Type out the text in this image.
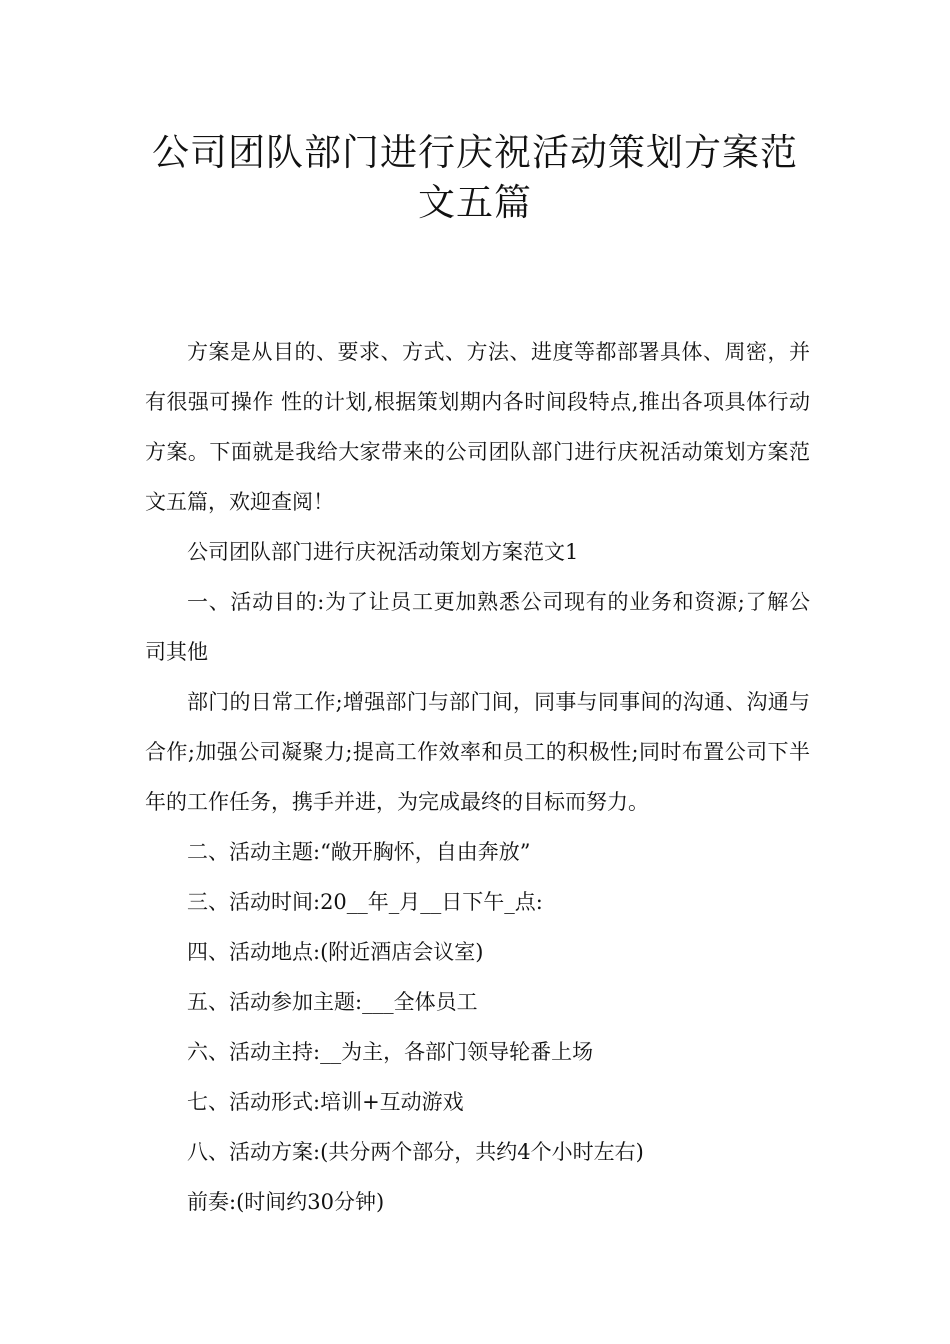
公司团队部门进行庆祝活动策划方案范文五篇

方案是从目的、要求、方式、方法、进度等都部署具体、周密，并有很强可操作 性的计划,根据策划期内各时间段特点,推出各项具体行动方案。下面就是我给大家带来的公司团队部门进行庆祝活动策划方案范文五篇，欢迎查阅！

公司团队部门进行庆祝活动策划方案范文1

一、活动目的:为了让员工更加熟悉公司现有的业务和资源;了解公司其他

部门的日常工作;增强部门与部门间，同事与同事间的沟通、沟通与合作;加强公司凝聚力;提高工作效率和员工的积极性;同时布置公司下半年的工作任务，携手并进，为完成最终的目标而努力。

二、活动主题:“敞开胸怀，自由奔放”

三、活动时间:20__年_月__日下午_点:

四、活动地点:(附近酒店会议室)

五、活动参加主题:___全体员工

六、活动主持:__为主，各部门领导轮番上场

七、活动形式:培训+互动游戏

八、活动方案:(共分两个部分，共约4个小时左右)

前奏:(时间约30分钟)
